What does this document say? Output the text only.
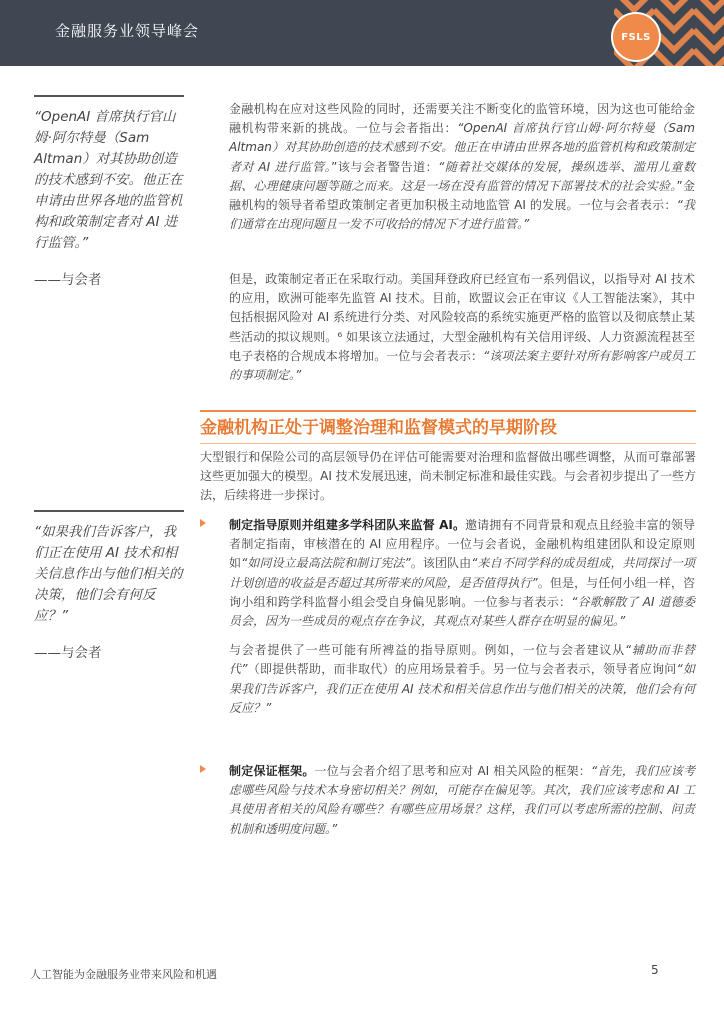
金融服务业领导峰会	FSLS
“OpenAI 首席执行官山姆·阿尔特曼（Sam Altman）对其协助创造的技术感到不安。他正在申请由世界各地的监管机构和政策制定者对 AI 进行监管。”
——与会者
“如果我们告诉客户，我们正在使用 AI 技术和相关信息作出与他们相关的决策，他们会有何反应？”
——与会者

金融机构在应对这些风险的同时，还需要关注不断变化的监管环境，因为这也可能给金融机构带来新的挑战。一位与会者指出：“OpenAI 首席执行官山姆·阿尔特曼（Sam Altman）对其协助创造的技术感到不安。他正在申请由世界各地的监管机构和政策制定者对 AI 进行监管。”该与会者警告道：“随着社交媒体的发展，操纵选举、滥用儿童数据、心理健康问题等随之而来。这是一场在没有监管的情况下部署技术的社会实验。”金融机构的领导者希望政策制定者更加积极主动地监管 AI 的发展。一位与会者表示：“我们通常在出现问题且一发不可收拾的情况下才进行监管。”

但是，政策制定者正在采取行动。美国拜登政府已经宣布一系列倡议，以指导对 AI 技术的应用，欧洲可能率先监管 AI 技术。目前，欧盟议会正在审议《人工智能法案》，其中包括根据风险对 AI 系统进行分类、对风险较高的系统实施更严格的监管以及彻底禁止某些活动的拟议规则。⁶ 如果该立法通过，大型金融机构有关信用评级、人力资源流程甚至电子表格的合规成本将增加。一位与会者表示：“该项法案主要针对所有影响客户或员工的事项制定。”

金融机构正处于调整治理和监督模式的早期阶段

大型银行和保险公司的高层领导仍在评估可能需要对治理和监督做出哪些调整，从而可靠部署这些更加强大的模型。AI 技术发展迅速，尚未制定标准和最佳实践。与会者初步提出了一些方法，后续将进一步探讨。

制定指导原则并组建多学科团队来监督 AI。邀请拥有不同背景和观点且经验丰富的领导者制定指南，审核潜在的 AI 应用程序。一位与会者说，金融机构组建团队和设定原则如“如同设立最高法院和制订宪法”。该团队由“来自不同学科的成员组成，共同探讨一项计划创造的收益是否超过其所带来的风险，是否值得执行”。但是，与任何小组一样，咨询小组和跨学科监督小组会受自身偏见影响。一位参与者表示：“谷歌解散了 AI 道德委员会，因为一些成员的观点存在争议，其观点对某些人群存在明显的偏见。”

与会者提供了一些可能有所裨益的指导原则。例如，一位与会者建议从“辅助而非替代”（即提供帮助，而非取代）的应用场景着手。另一位与会者表示，领导者应询问“如果我们告诉客户，我们正在使用 AI 技术和相关信息作出与他们相关的决策，他们会有何反应？”

制定保证框架。一位与会者介绍了思考和应对 AI 相关风险的框架：“首先，我们应该考虑哪些风险与技术本身密切相关？例如，可能存在偏见等。其次，我们应该考虑和 AI 工具使用者相关的风险有哪些？有哪些应用场景？这样，我们可以考虑所需的控制、问责机制和透明度问题。”

人工智能为金融服务业带来风险和机遇	5
